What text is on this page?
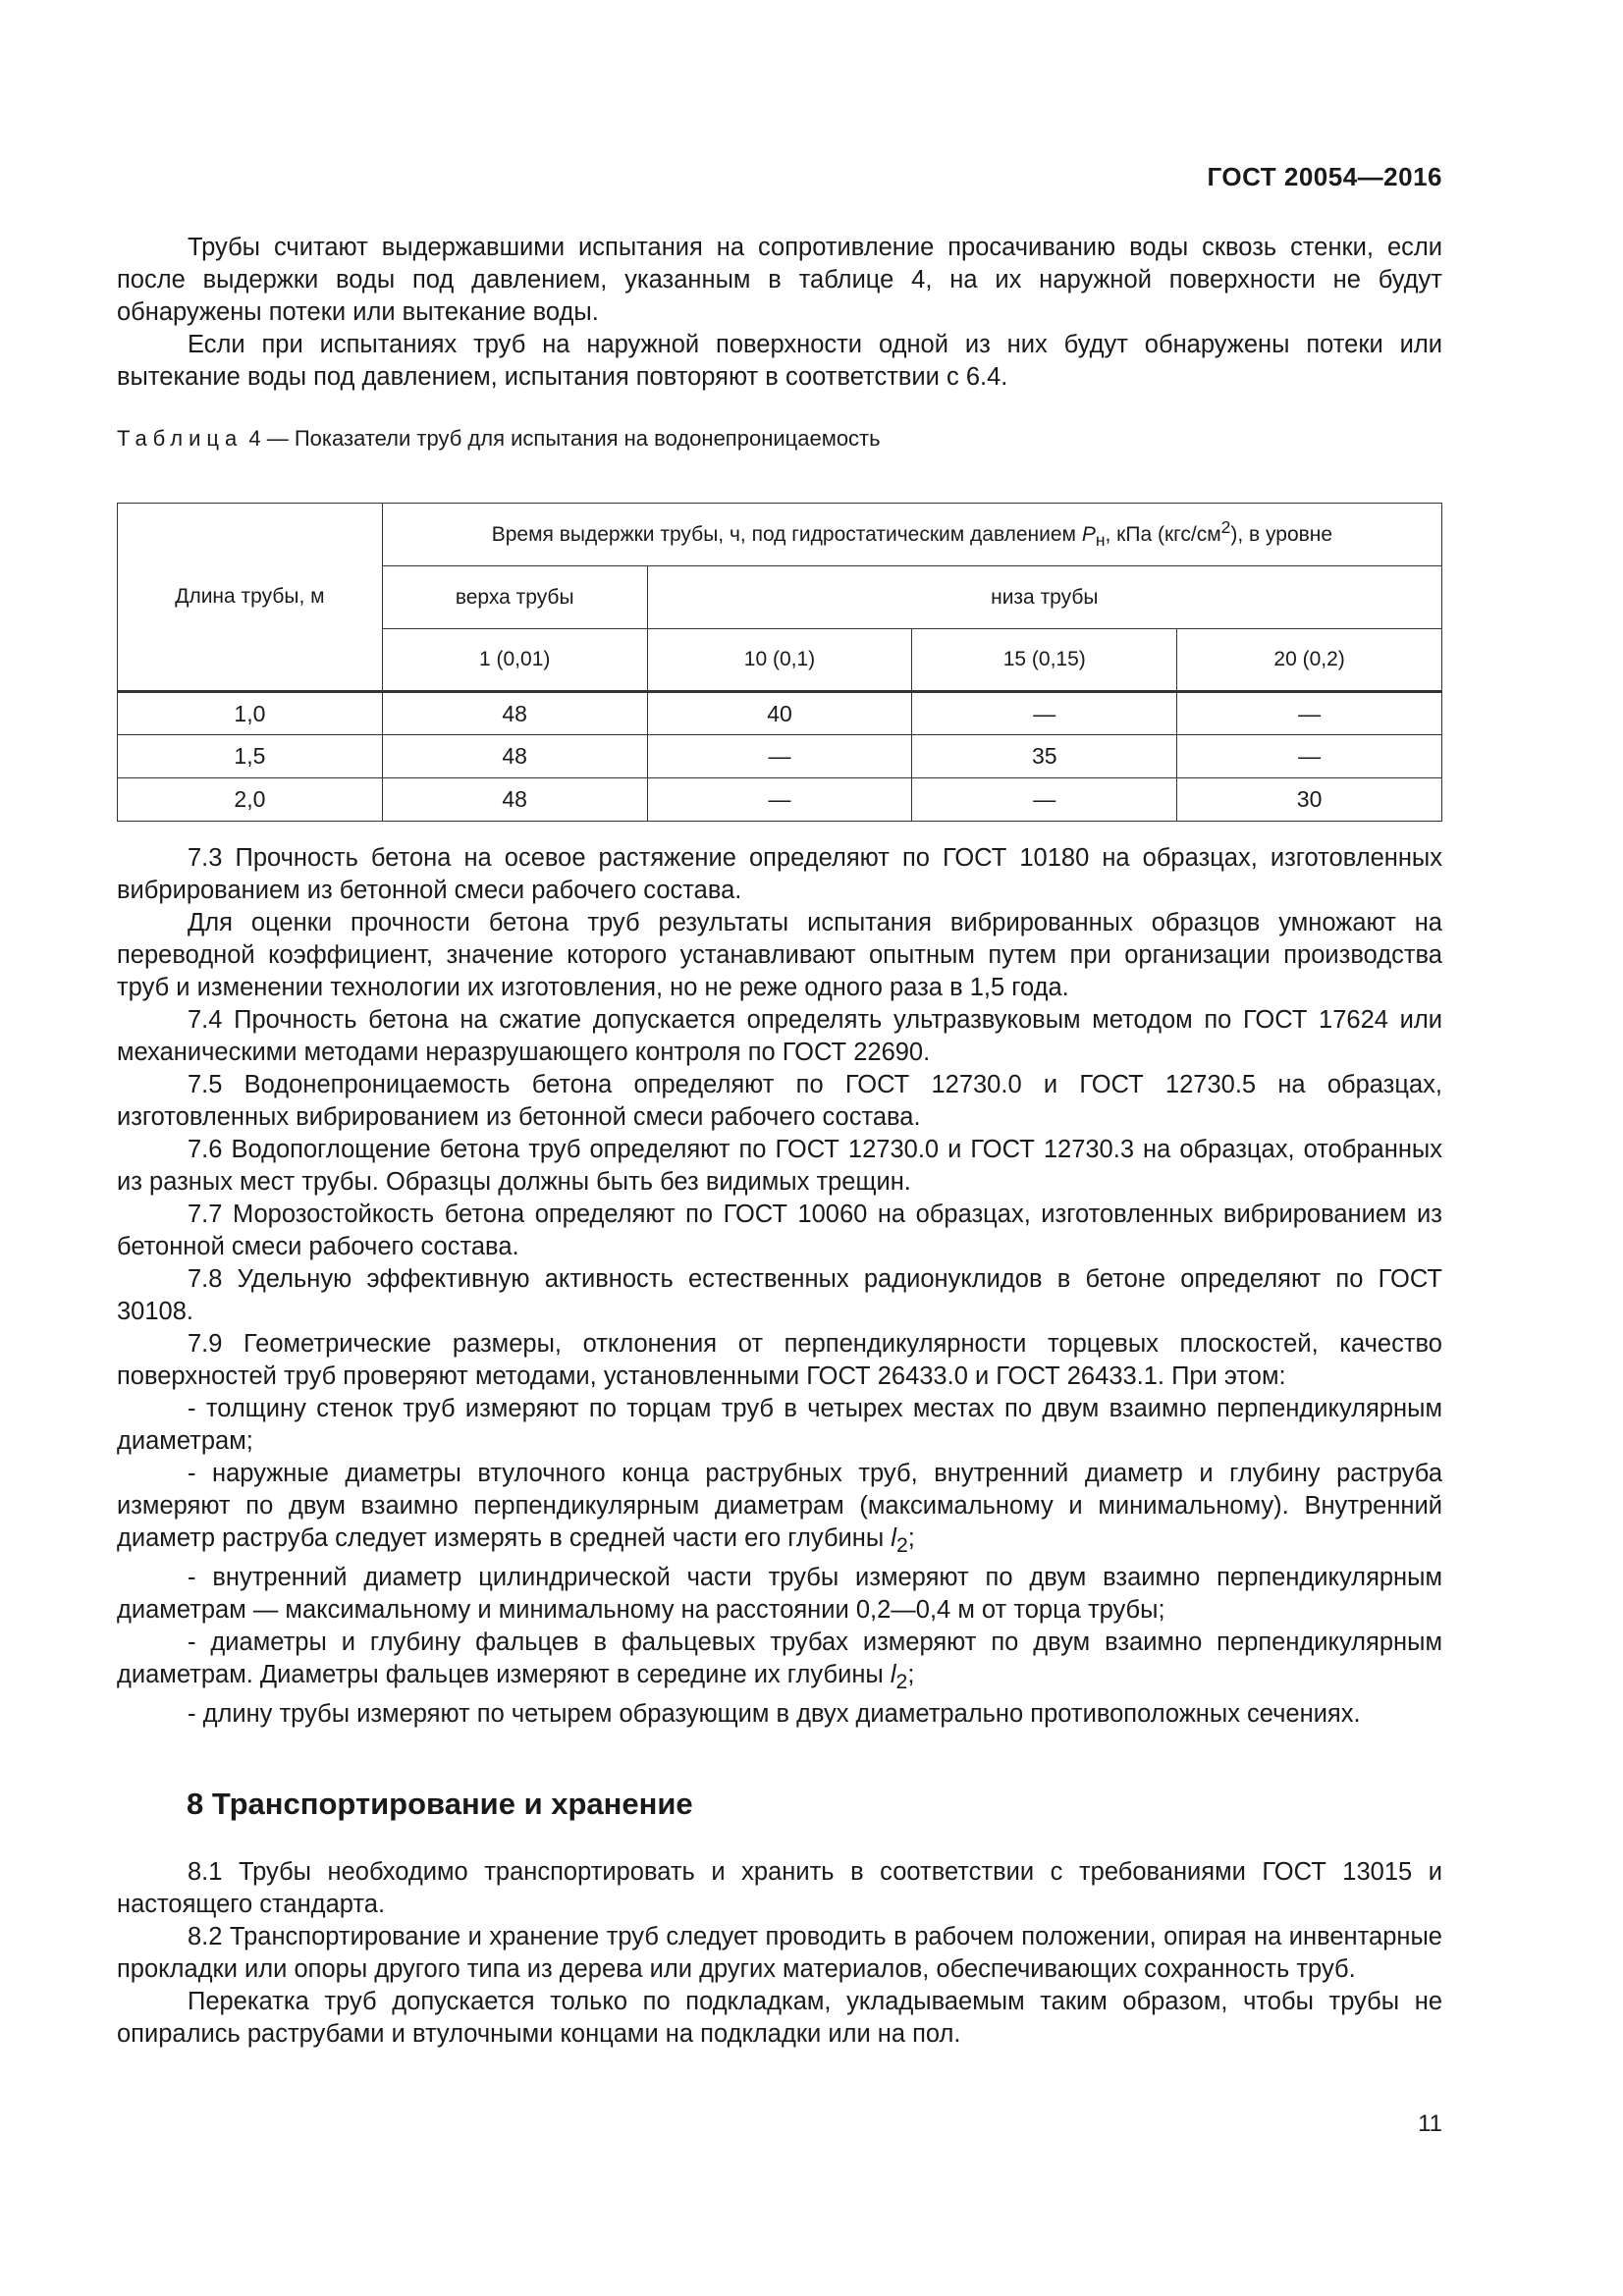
ГОСТ 20054—2016

Трубы считают выдержавшими испытания на сопротивление просачиванию воды сквозь стенки, если после выдержки воды под давлением, указанным в таблице 4, на их наружной поверхности не будут обнаружены потеки или вытекание воды.

Если при испытаниях труб на наружной поверхности одной из них будут обнаружены потеки или вытекание воды под давлением, испытания повторяют в соответствии с 6.4.

Таблица 4 — Показатели труб для испытания на водонепроницаемость
Длина трубы, м	Время выдержки трубы, ч, под гидростатическим давлением $P_н$, кПа $(кгс/см^2)$, в уровне			
	верха трубы	низа трубы		
	1 (0,01)	10 (0,1)	15 (0,15)	20 (0,2)
1,0	48	40	—	—
1,5	48	—	35	—
2,0	48	—	—	30

7.3 Прочность бетона на осевое растяжение определяют по ГОСТ 10180 на образцах, изготовленных вибрированием из бетонной смеси рабочего состава.

Для оценки прочности бетона труб результаты испытания вибрированных образцов умножают на переводной коэффициент, значение которого устанавливают опытным путем при организации производства труб и изменении технологии их изготовления, но не реже одного раза в 1,5 года.

7.4 Прочность бетона на сжатие допускается определять ультразвуковым методом по ГОСТ 17624 или механическими методами неразрушающего контроля по ГОСТ 22690.

7.5 Водонепроницаемость бетона определяют по ГОСТ 12730.0 и ГОСТ 12730.5 на образцах, изготовленных вибрированием из бетонной смеси рабочего состава.

7.6 Водопоглощение бетона труб определяют по ГОСТ 12730.0 и ГОСТ 12730.3 на образцах, отобранных из разных мест трубы. Образцы должны быть без видимых трещин.

7.7 Морозостойкость бетона определяют по ГОСТ 10060 на образцах, изготовленных вибрированием из бетонной смеси рабочего состава.

7.8 Удельную эффективную активность естественных радионуклидов в бетоне определяют по ГОСТ 30108.

7.9 Геометрические размеры, отклонения от перпендикулярности торцевых плоскостей, качество поверхностей труб проверяют методами, установленными ГОСТ 26433.0 и ГОСТ 26433.1. При этом:

- толщину стенок труб измеряют по торцам труб в четырех местах по двум взаимно перпендикулярным диаметрам;

- наружные диаметры втулочного конца раструбных труб, внутренний диаметр и глубину раструба измеряют по двум взаимно перпендикулярным диаметрам (максимальному и минимальному). Внутренний диаметр раструба следует измерять в средней части его глубины $l_2$;

- внутренний диаметр цилиндрической части трубы измеряют по двум взаимно перпендикулярным диаметрам — максимальному и минимальному на расстоянии 0,2—0,4 м от торца трубы;

- диаметры и глубину фальцев в фальцевых трубах измеряют по двум взаимно перпендикулярным диаметрам. Диаметры фальцев измеряют в середине их глубины $l_2$;

- длину трубы измеряют по четырем образующим в двух диаметрально противоположных сечениях.

8 Транспортирование и хранение

8.1 Трубы необходимо транспортировать и хранить в соответствии с требованиями ГОСТ 13015 и настоящего стандарта.

8.2 Транспортирование и хранение труб следует проводить в рабочем положении, опирая на инвентарные прокладки или опоры другого типа из дерева или других материалов, обеспечивающих сохранность труб.

Перекатка труб допускается только по подкладкам, укладываемым таким образом, чтобы трубы не опирались раструбами и втулочными концами на подкладки или на пол.

11
